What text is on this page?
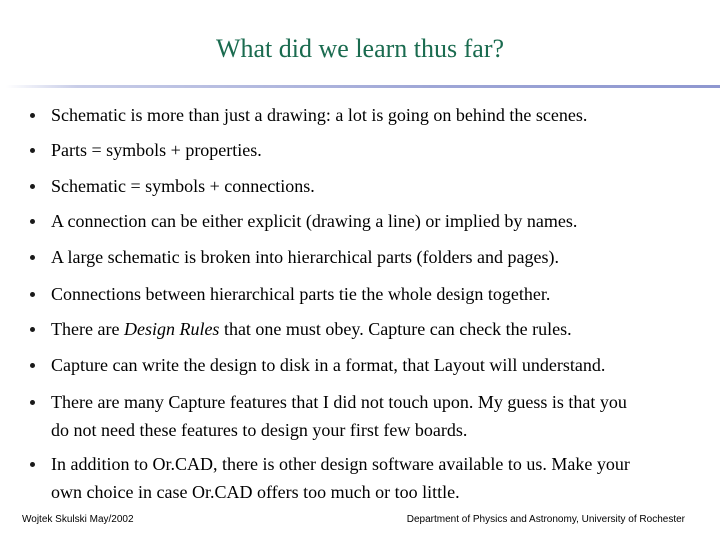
What did we learn thus far?
Schematic is more than just a drawing: a lot is going on behind the scenes.
Parts = symbols + properties.
Schematic = symbols + connections.
A connection can be either explicit (drawing a line) or implied by names.
A large schematic is broken into hierarchical parts (folders and pages).
Connections between hierarchical parts tie the whole design together.
There are Design Rules that one must obey. Capture can check the rules.
Capture can write the design to disk in a format, that Layout will understand.
There are many Capture features that I did not touch upon. My guess is that you
do not need these features to design your first few boards.
In addition to Or.CAD, there is other design software available to us. Make your
own choice in case Or.CAD offers too much or too little.
Wojtek Skulski May/2002	Department of Physics and Astronomy, University of Rochester
